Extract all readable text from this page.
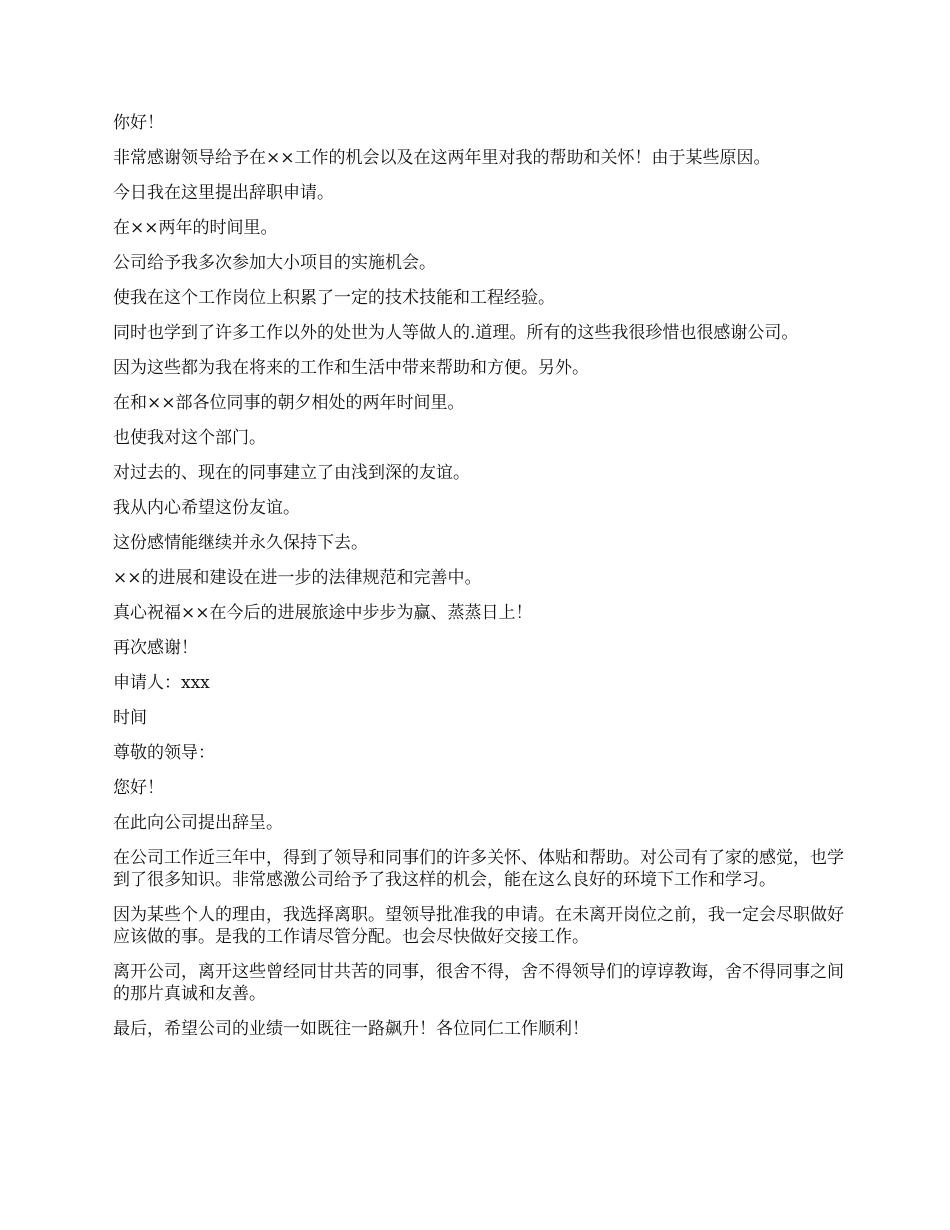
你好！

非常感谢领导给予在××工作的机会以及在这两年里对我的帮助和关怀！由于某些原因。

今日我在这里提出辞职申请。

在××两年的时间里。

公司给予我多次参加大小项目的实施机会。

使我在这个工作岗位上积累了一定的技术技能和工程经验。

同时也学到了许多工作以外的处世为人等做人的.道理。所有的这些我很珍惜也很感谢公司。

因为这些都为我在将来的工作和生活中带来帮助和方便。另外。

在和××部各位同事的朝夕相处的两年时间里。

也使我对这个部门。

对过去的、现在的同事建立了由浅到深的友谊。

我从内心希望这份友谊。

这份感情能继续并永久保持下去。

××的进展和建设在进一步的法律规范和完善中。

真心祝福××在今后的进展旅途中步步为赢、蒸蒸日上！

再次感谢！

申请人：xxx

时间

尊敬的领导：

您好！

在此向公司提出辞呈。

在公司工作近三年中，得到了领导和同事们的许多关怀、体贴和帮助。对公司有了家的感觉，也学到了很多知识。非常感激公司给予了我这样的机会，能在这么良好的环境下工作和学习。

因为某些个人的理由，我选择离职。望领导批准我的申请。在未离开岗位之前，我一定会尽职做好应该做的事。是我的工作请尽管分配。也会尽快做好交接工作。

离开公司，离开这些曾经同甘共苦的同事，很舍不得，舍不得领导们的谆谆教诲，舍不得同事之间的那片真诚和友善。

最后，希望公司的业绩一如既往一路飙升！各位同仁工作顺利！
